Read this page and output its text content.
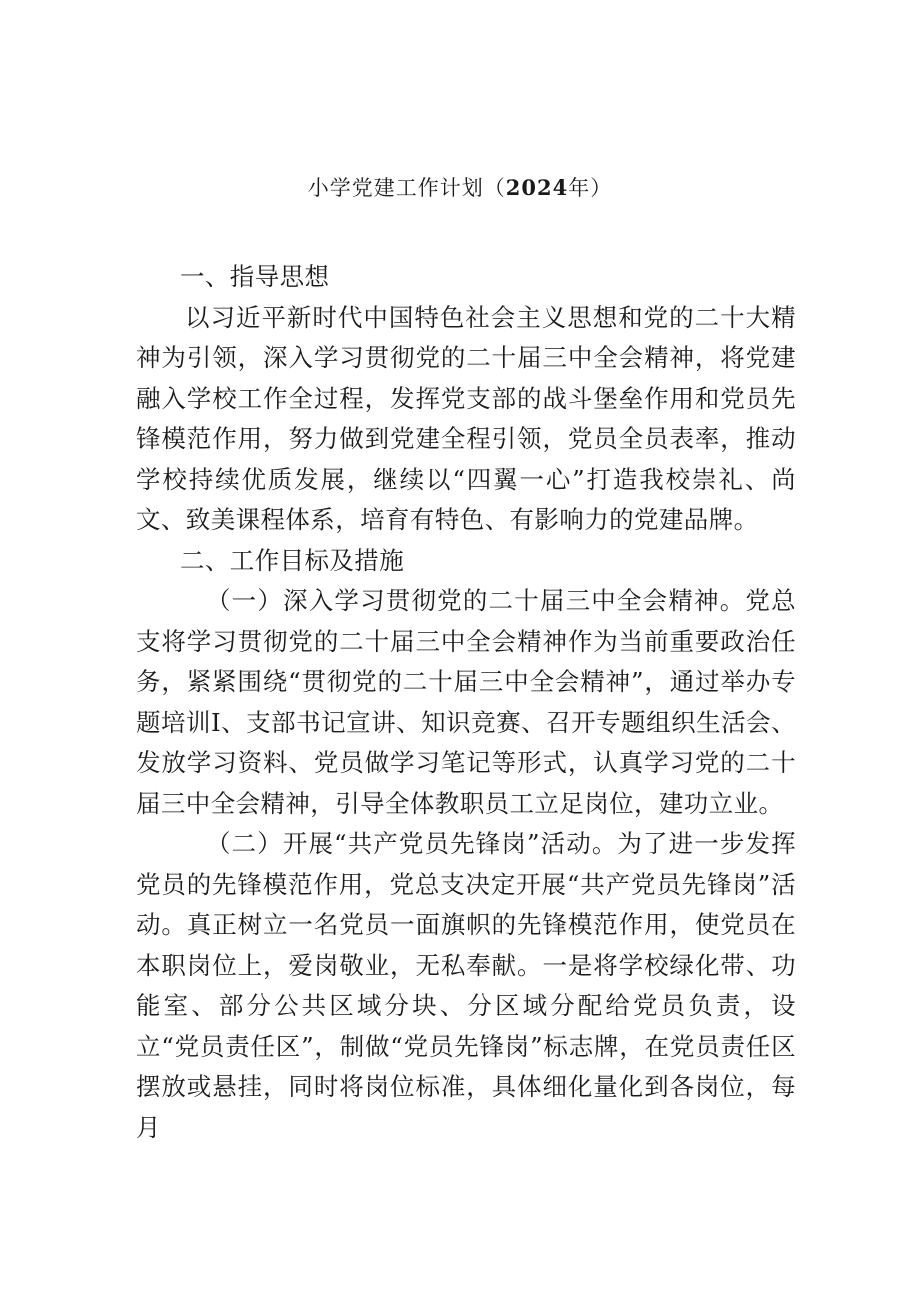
小学党建工作计划（2024年）

一、指导思想

以习近平新时代中国特色社会主义思想和党的二十大精神为引领，深入学习贯彻党的二十届三中全会精神，将党建融入学校工作全过程，发挥党支部的战斗堡垒作用和党员先锋模范作用，努力做到党建全程引领，党员全员表率，推动学校持续优质发展，继续以“四翼一心”打造我校崇礼、尚文、致美课程体系，培育有特色、有影响力的党建品牌。

二、工作目标及措施

（一）深入学习贯彻党的二十届三中全会精神。党总支将学习贯彻党的二十届三中全会精神作为当前重要政治任务，紧紧围绕“贯彻党的二十届三中全会精神”，通过举办专题培训I、支部书记宣讲、知识竞赛、召开专题组织生活会、发放学习资料、党员做学习笔记等形式，认真学习党的二十届三中全会精神，引导全体教职员工立足岗位，建功立业。

（二）开展“共产党员先锋岗”活动。为了进一步发挥党员的先锋模范作用，党总支决定开展“共产党员先锋岗”活动。真正树立一名党员一面旗帜的先锋模范作用，使党员在本职岗位上，爱岗敬业，无私奉献。一是将学校绿化带、功能室、部分公共区域分块、分区域分配给党员负责，设立“党员责任区”，制做“党员先锋岗”标志牌，在党员责任区摆放或悬挂，同时将岗位标准，具体细化量化到各岗位，每月
